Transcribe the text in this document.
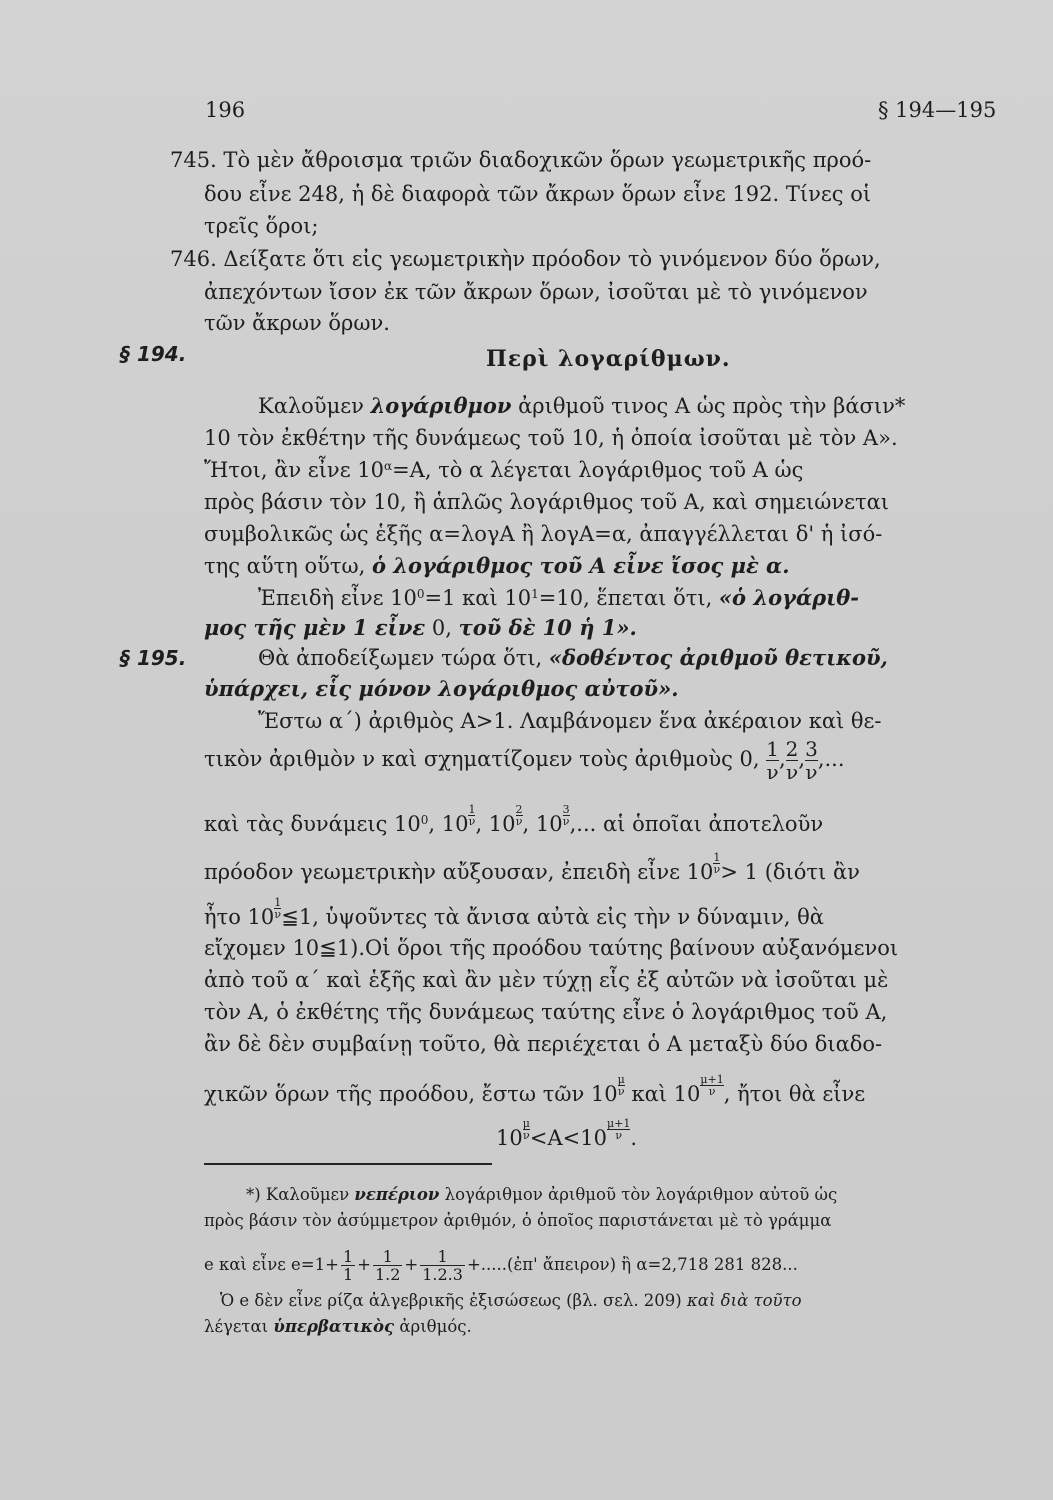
196	§ 194—195
745. Τὸ μὲν ἄθροισμα τριῶν διαδοχικῶν ὅρων γεωμετρικῆς προό-
δου εἶνε 248, ἡ δὲ διαφορὰ τῶν ἄκρων ὅρων εἶνε 192. Τίνες οἱ
τρεῖς ὅροι;
746. Δείξατε ὅτι εἰς γεωμετρικὴν πρόοδον τὸ γινόμενον δύο ὅρων,
ἀπεχόντων ἴσον ἐκ τῶν ἄκρων ὅρων, ἰσοῦται μὲ τὸ γινόμενον
τῶν ἄκρων ὅρων.
§ 194.	Περὶ λογαρίθμων.
Καλοῦμεν λογάριθμον ἀριθμοῦ τινος Α ὡς πρὸς τὴν βάσιν*
10 τὸν ἐκθέτην τῆς δυνάμεως τοῦ 10, ἡ ὁποία ἰσοῦται μὲ τὸν Α».
Ἤτοι, ἂν εἶνε $10^\alpha=A$, τὸ α λέγεται λογάριθμος τοῦ Α ὡς
πρὸς βάσιν τὸν 10, ἢ ἁπλῶς λογάριθμος τοῦ Α, καὶ σημειώνεται
συμβολικῶς ὡς ἑξῆς α=λογΑ ἢ λογΑ=α, ἀπαγγέλλεται δ' ἡ ἰσό-
της αὕτη οὕτω, ὁ λογάριθμος τοῦ Α εἶνε ἴσος μὲ α.
Ἐπειδὴ εἶνε $10^0=1$ καὶ $10^1=10$, ἕπεται ὅτι, «ὁ λογάριθ-
μος τῆς μὲν 1 εἶνε 0, τοῦ δὲ 10 ἡ 1».
§ 195.	Θὰ ἀποδείξωμεν τώρα ὅτι, «δοθέντος ἀριθμοῦ θετικοῦ,
ὑπάρχει, εἷς μόνον λογάριθμος αὐτοῦ».
Ἔστω α΄) ἀριθμὸς Α>1. Λαμβάνομεν ἕνα ἀκέραιον καὶ θε-
τικὸν ἀριθμὸν ν καὶ σχηματίζομεν τοὺς ἀριθμοὺς 0, $\frac{1}{\nu}$ , $\frac{2}{\nu}$ , $\frac{3}{\nu}$ ,...
καὶ τὰς δυνάμεις $10^0$, $10 \frac{1}{\nu}$ , $10 \frac{2}{\nu}$ , $10 \frac{3}{\nu}$ ,... αἱ ὁποῖαι ἀποτελοῦν
πρόοδον γεωμετρικὴν αὔξουσαν, ἐπειδὴ εἶνε $10 \frac{1}{\nu} > 1$ (διότι ἂν
ἦτο $10 \frac{1}{\nu}$ ≦1, ὑψοῦντες τὰ ἄνισα αὐτὰ εἰς τὴν ν δύναμιν, θὰ
εἴχομεν 10≦1).Οἱ ὅροι τῆς προόδου ταύτης βαίνουν αὐξανόμενοι
ἀπὸ τοῦ α΄ καὶ ἑξῆς καὶ ἂν μὲν τύχῃ εἷς ἐξ αὐτῶν νὰ ἰσοῦται μὲ
τὸν Α, ὁ ἐκθέτης τῆς δυνάμεως ταύτης εἶνε ὁ λογάριθμος τοῦ Α,
ἂν δὲ δὲν συμβαίνῃ τοῦτο, θὰ περιέχεται ὁ Α μεταξὺ δύο διαδο-
χικῶν ὅρων τῆς προόδου, ἔστω τῶν $10 \frac{\mu}{\nu}$ καὶ $10 \frac{\mu+1}{\nu}$ , ἤτοι θὰ εἶνε
$10 \frac{\mu}{\nu} <A<10 \frac{\mu+1}{\nu}$ .
*) Καλοῦμεν νεπέριον λογάριθμον ἀριθμοῦ τὸν λογάριθμον αὐτοῦ ὡς
πρὸς βάσιν τὸν ἀσύμμετρον ἀριθμόν, ὁ ὁποῖος παριστάνεται μὲ τὸ γράμμα
e καὶ εἶνε $e=1+ \frac{1}{1} + \frac{1}{1.2} + \frac{1}{1.2.3}$ +.....(ἐπ' ἄπειρον) ἢ α=2,718 281 828...
Ὁ e δὲν εἶνε ρίζα ἀλγεβρικῆς ἐξισώσεως (βλ. σελ. 209) καὶ διὰ τοῦτο
λέγεται ὑπερβατικὸς ἀριθμός.
